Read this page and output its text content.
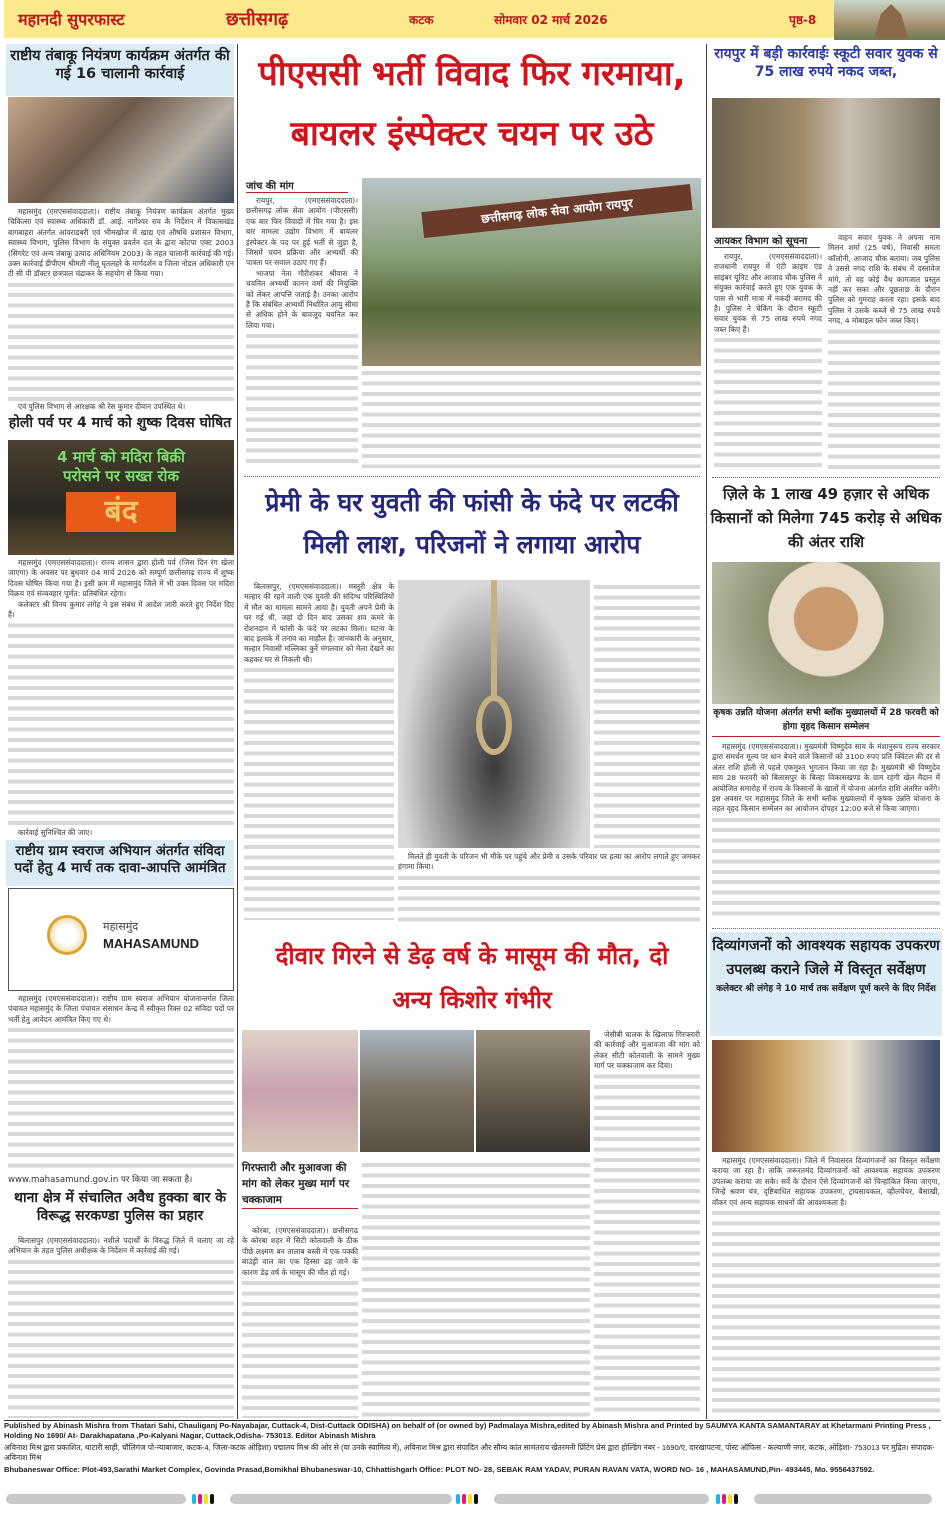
महानदी सुपरफास्ट	छत्तीसगढ़	कटक	सोमवार 02 मार्च 2026	पृष्ठ-8
राष्टीय तंबाकू नियंत्रण कार्यक्रम अंतर्गत की गई 16 चालानी कार्रवाई

महासमुंद (एमएससंवाददाता)। राष्टीय तंबाकू नियंत्रण कार्यक्रम अंतर्गत मुख्य चिकित्सा एवं स्वास्थ्य अधिकारी डॉ. आई. नागेश्वर राव के निर्देशन में विकासखंड बागबाहरा अंतर्गत आंवराडबरी एवं भीमखोज में खाद्य एवं औषधि प्रशासन विभाग, स्वास्थ्य विभाग, पुलिस विभाग के संयुक्त प्रवर्तन दल के द्वारा कोटपा एक्ट 2003 (सिगरेट एवं अन्य तंबाकू उत्पाद अधिनियम 2003) के तहत चालानी कार्रवाई की गई। उक्त कार्रवाई डीपीएम श्रीमती नीलू घृतलहरे के मार्गदर्शन व जिला नोडल अधिकारी एन टी सी पी डॉक्टर छत्रपाल चंद्राकर के सहयोग से किया गया।

एवं पुलिस विभाग से आरक्षक श्री रेस कुमार दीवान उपस्थित थे।

होली पर्व पर 4 मार्च को शुष्क दिवस घोषित
4 मार्च को मदिरा बिक्री
परोसने पर सख्त रोक
बंद

महासमुंद (एमएससंवाददाता)। राज्य शासन द्वारा होली पर्व (जिस दिन रंग खेला जाएगा) के अवसर पर बुधवार 04 मार्च 2026 को सम्पूर्ण छत्तीसगढ़ राज्य में शुष्क दिवस घोषित किया गया है। इसी क्रम में महासमुंद जिले में भी उक्त दिवस पर मदिरा विक्रय एवं संव्यवहार पूर्णत: प्रतिबंधित रहेगा।

कलेक्टर श्री विनय कुमार लंगेह ने इस संबंध में आदेश जारी करते हुए निर्देश दिए हैं।

कार्रवाई सुनिश्चित की जाए।

राष्टीय ग्राम स्वराज अभियान अंतर्गत संविदा पदों हेतु 4 मार्च तक दावा-आपत्ति आमंत्रित
महासमुंद
MAHASAMUND

महासमुंद (एमएससंवाददाता)। राष्टीय ग्राम स्वराज अभियान योजनान्तर्गत जिला पंचायत महासमुंद के जिला पंचायत संसाधन केन्द्र में स्वीकृत रिक्त 02 संविदा पदों पर भर्ती हेतु आवेदन आमंत्रित किए गए थे।

www.mahasamund.gov.in पर किया जा सकता है।
थाना क्षेत्र में संचालित अवैध हुक्का बार के विरूद्ध सरकण्डा पुलिस का प्रहार

बिलासपुर (एमएससंवाददाता)। नशीले पदार्थों के विरुद्ध जिले में चलाए जा रहे अभियान के तहत पुलिस अधीक्षक के निर्देशन में कार्रवाई की गई।

पीएससी भर्ती विवाद फिर गरमाया,
बायलर इंस्पेक्टर चयन पर उठे
जांच की मांग
छत्तीसगढ़ लोक सेवा आयोग रायपुर

रायपुर, (एमएससंवाददाता)। छत्तीसगढ़ लोक सेवा आयोग (पीएससी) एक बार फिर विवादों में घिर गया है। इस बार मामला उद्योग विभाग में बायलर इंस्पेक्टर के पद पर हुई भर्ती से जुड़ा है, जिसमें चयन प्रक्रिया और अभ्यर्थी की पात्रता पर सवाल उठाए गए हैं।

भाजपा नेता गौरीशंकर श्रीवास ने चयनित अभ्यर्थी कानन वर्मा की नियुक्ति को लेकर आपत्ति जताई है। उनका आरोप है कि संबंधित अभ्यर्थी निर्धारित आयु सीमा से अधिक होने के बावजूद चयनित कर लिया गया।

प्रेमी के घर युवती की फांसी के फंदे पर लटकी
मिली लाश, परिजनों ने लगाया आरोप

बिलासपुर, (एमएससंवाददाता)। मस्तूरी क्षेत्र के मल्हार की रहने वाली एक युवती की संदिग्ध परिस्थितियों में मौत का मामला सामने आया है। युवती अपने प्रेमी के घर गई थी, जहां दो दिन बाद उसका शव कमरे के रोशनदान में फांसी के फंदे पर लटका मिला। घटना के बाद इलाके में तनाव का माहौल है। जानकारी के अनुसार, मल्हार निवासी मल्लिका कुर्रे मंगलवार को मेला देखने का कहकर घर से निकली थी।

मिलते ही युवती के परिजन भी मौके पर पहुंचे और प्रेमी व उसके परिवार पर हत्या का आरोप लगाते हुए जमकर हंगामा किया।

दीवार गिरने से डेढ़ वर्ष के मासूम की मौत, दो
अन्य किशोर गंभीर
गिरफ्तारी और मुआवजा की मांग को लेकर मुख्य मार्ग पर चक्काजाम

कोरबा, (एमएससंवाददाता)। छत्तीसगढ़ के कोरबा शहर में सिटी कोतवाली के ठीक पीछे लक्ष्मण बन तालाब बस्ती में एक पक्की बाउंड्री वाल का एक हिस्सा ढह जाने के कारण डेढ़ वर्ष के मासूम की मौत हो गई।

जेसीबी चालक के खिलाफ गिरफ्तारी की कार्रवाई और मुआवजा की मांग को लेकर सीटी कोतवाली के सामने मुख्य मार्ग पर चक्काजाम कर दिया।

रायपुर में बड़ी कार्रवाईः स्कूटी सवार युवक से 75 लाख रुपये नकद जब्त,
आयकर विभाग को सूचना

रायपुर, (एमएससंवाददाता)। राजधानी रायपुर में एंटी क्राइम एंड साइबर यूनिट और आजाद चौक पुलिस ने संयुक्त कार्रवाई करते हुए एक युवक के पास से भारी मात्रा में नकदी बरामद की है। पुलिस ने चेकिंग के दौरान स्कूटी सवार युवक से 75 लाख रुपये नगद जब्त किए हैं।

वाहन सवार युवक ने अपना नाम मिलन शर्मा (25 वर्ष), निवासी समता कॉलोनी, आजाद चौक बताया। जब पुलिस ने उससे नगद राशि के संबंध में दस्तावेज मांगे, तो वह कोई वैध कागजात प्रस्तुत नहीं कर सका और पूछताछ के दौरान पुलिस को गुमराह करता रहा। इसके बाद पुलिस ने उसके कब्जे से 75 लाख रुपये नगद, 4 मोबाइल फोन जब्त किए।

ज़िले के 1 लाख 49 हज़ार से अधिक किसानों को मिलेगा 745 करोड़ से अधिक की अंतर राशि
कृषक उन्नति योजना अंतर्गत सभी ब्लॉक मुख्यालयों में 28 फरवरी को होगा वृहद किसान सम्मेलन

महासमुंद (एमएससंवाददाता)। मुख्यमंत्री विष्णुदेव साय के मंशानुरूप राज्य सरकार द्वारा समर्थन मूल्य पर धान बेचने वाले किसानों को 3100 रुपए प्रति क्विंटल की दर से अंतर राशि होली से पहले एकमुश्त भुगतान किया जा रहा है। मुख्यमंत्री श्री विष्णुदेव साय 28 फरवरी को बिलासपुर के बिल्हा विकासखण्ड के ग्राम रहंगी खेल मैदान में आयोजित समारोह में राज्य के किसानों के खातों में योजना अंतर्गत राशि अंतरित करेंगे। इस अवसर पर महासमुंद जिले के सभी ब्लॉक मुख्यालयों में कृषक उन्नति योजना के तहत वृहद किसान सम्मेलन का आयोजन दोपहर 12:00 बजे से किया जाएगा।

दिव्यांगजनों को आवश्यक सहायक उपकरण उपलब्ध कराने जिले में विस्तृत सर्वेक्षण
कलेक्टर श्री लंगेह ने 10 मार्च तक सर्वेक्षण पूर्ण करने के दिए निर्देश

महासमुंद (एमएससंवाददाता)। जिले में निवासरत दिव्यांगजनों का विस्तृत सर्वेक्षण कराया जा रहा है। ताकि जरूरतमंद दिव्यांगजनों को आवश्यक सहायक उपकरण उपलब्ध कराया जा सके। सर्वे के दौरान ऐसे दिव्यांगजनों को चिन्हांकित किया जाएगा, जिन्हें श्रवण यंत्र, दृष्टिबाधित सहायक उपकरण, ट्रायसायकल, व्हीलचेयर, बैसाखी, वॉकर एवं अन्य सहायक साधनों की आवश्यकता है।

Published by Abinash Mishra from Thatari Sahi, Chauliganj Po-Nayabajar, Cuttack-4, Dist-Cuttack ODISHA) on behalf of (or owned by) Padmalaya Mishra,edited by Abinash Mishra and Printed by SAUMYA KANTA SAMANTARAY at Khetarmani Printing Press , Holding No 1690/ At- Darakhapatana ,Po-Kalyani Nagar, Cuttack,Odisha- 753013. Editor Abinash Mishra
अविनाश मिश्र द्वारा प्रकाशित, थाटारी साही, चौलिगंज पो-न्याबाजार, कटक-4, जिला-कटक ओड़िशा) पद्मालय मिश्र की ओर से (या उनके स्वामित्व में), अविनाश मिश्र द्वारा संपादित और सौम्य कांत सामंतराय खेतरमनी प्रिंटिंग प्रेस द्वारा होल्डिंग नंबर - 1690/ए, दारखापटना, पोस्ट ऑफिस - कल्याणी नगर, कटक, ओड़िशा- 753013 पर मुद्रित। संपादक-अविनाश मिश्र
Bhubaneswar Office: Plot-493,Sarathi Market Complex, Govinda Prasad,Bomikhal Bhubaneswar-10, Chhattishgarh Office: PLOT NO- 28, SEBAK RAM YADAV, PURAN RAVAN VATA, WORD NO- 16 , MAHASAMUND,Pin- 493445, Mo. 9556437592.
